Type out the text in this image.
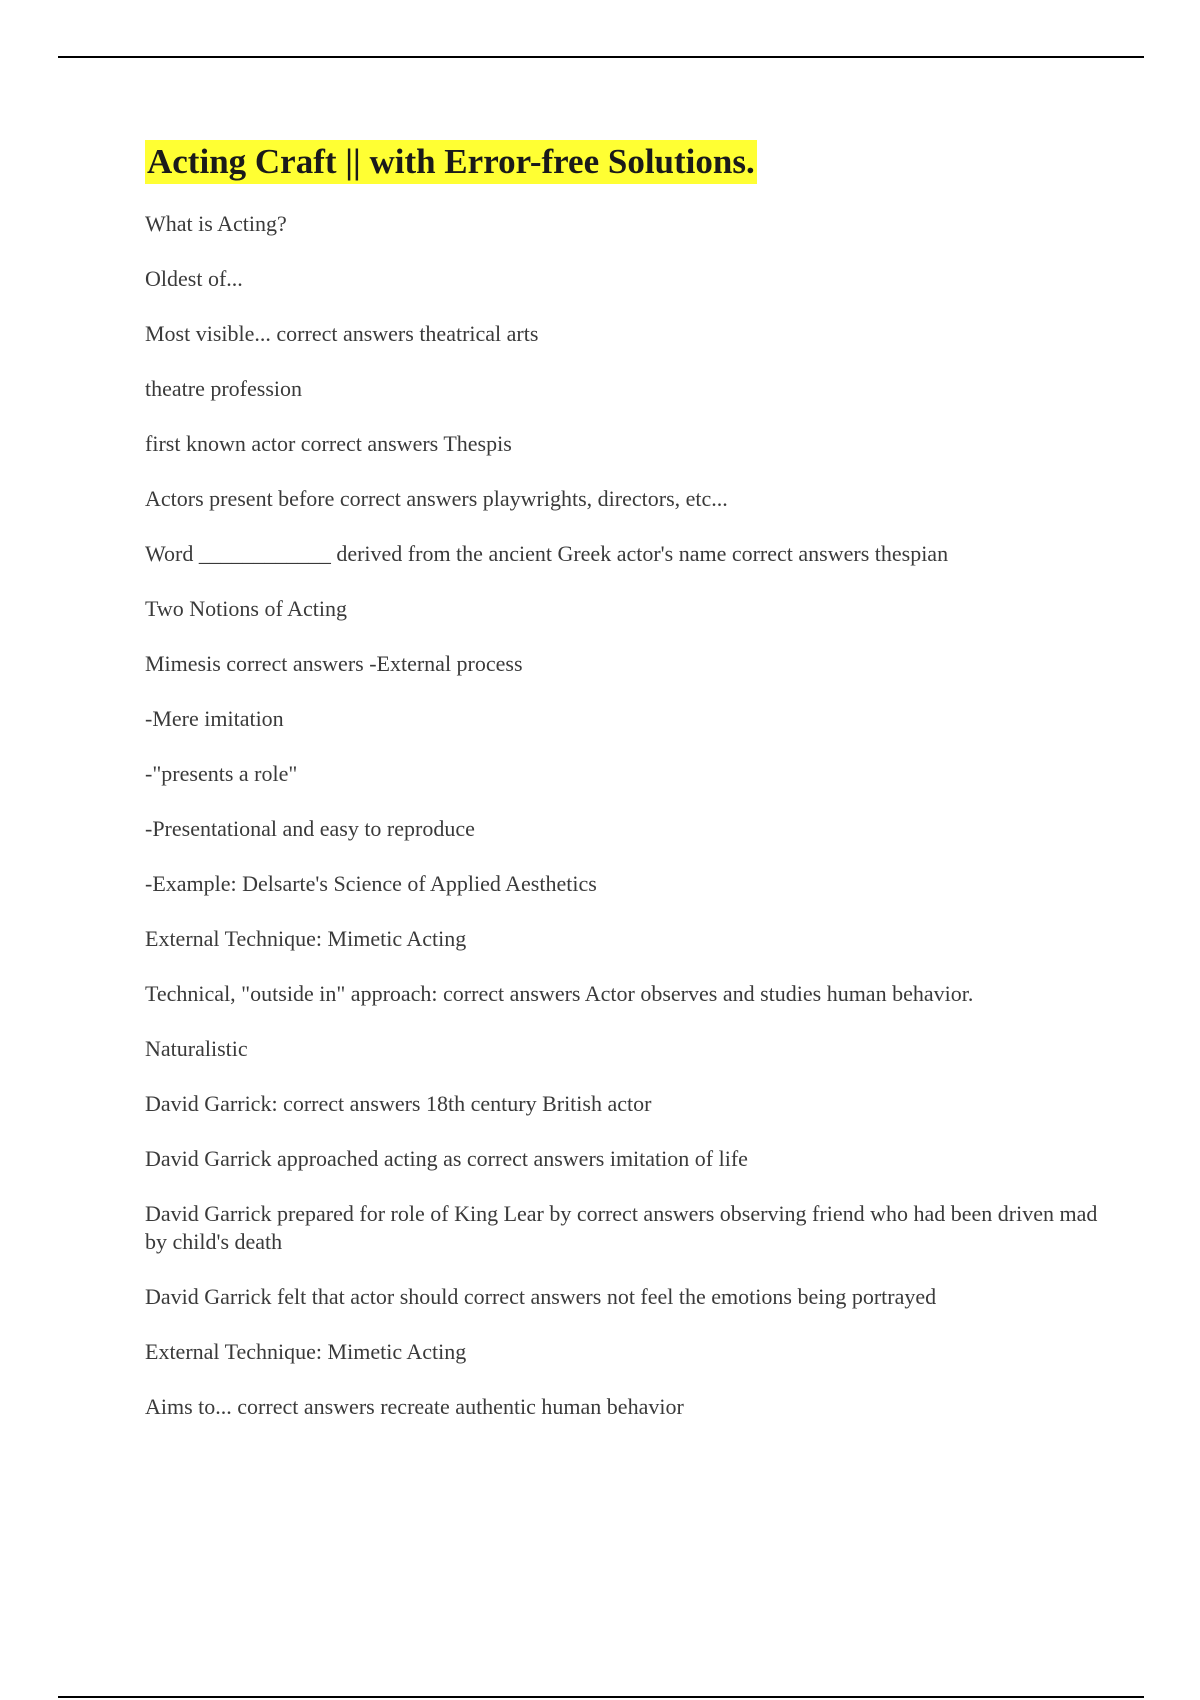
Acting Craft || with Error-free Solutions.

What is Acting?

Oldest of...

Most visible... correct answers theatrical arts

theatre profession

first known actor correct answers Thespis

Actors present before correct answers playwrights, directors, etc...

Word ____________ derived from the ancient Greek actor's name correct answers thespian

Two Notions of Acting

Mimesis correct answers -External process

-Mere imitation

-"presents a role"

-Presentational and easy to reproduce

-Example: Delsarte's Science of Applied Aesthetics

External Technique: Mimetic Acting

Technical, "outside in" approach: correct answers Actor observes and studies human behavior.

Naturalistic

David Garrick: correct answers 18th century British actor

David Garrick approached acting as correct answers imitation of life

David Garrick prepared for role of King Lear by correct answers observing friend who had been driven mad by child's death

David Garrick felt that actor should correct answers not feel the emotions being portrayed

External Technique: Mimetic Acting

Aims to... correct answers recreate authentic human behavior
